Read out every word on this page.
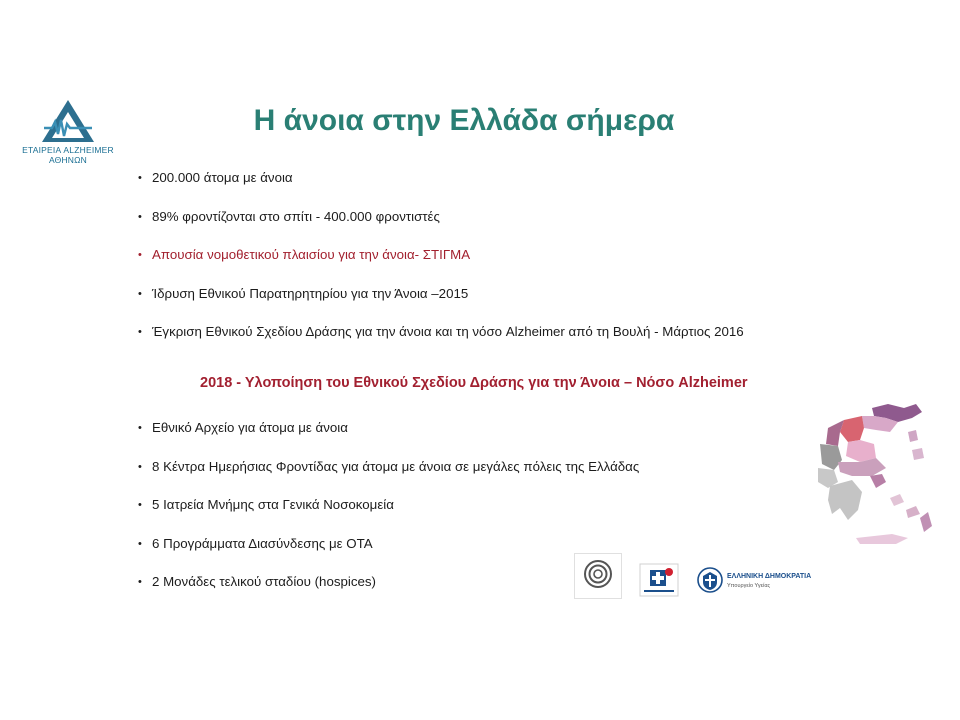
ΕΤΑΙΡΕΙΑ ALZHEIMER
ΑΘΗΝΩΝ
Η άνοια στην Ελλάδα σήμερα
• 200.000 άτομα με άνοια
• 89% φροντίζονται στο σπίτι - 400.000 φροντιστές
• Απουσία νομοθετικού πλαισίου για την άνοια- ΣΤΙΓΜΑ
• Ίδρυση Εθνικού Παρατηρητηρίου για την Άνοια –2015
• Έγκριση Εθνικού Σχεδίου Δράσης για την άνοια και τη νόσο Alzheimer από τη Βουλή - Μάρτιος 2016
2018 - Υλοποίηση του Εθνικού Σχεδίου Δράσης για την Άνοια – Νόσο Alzheimer
• Εθνικό Αρχείο για άτομα με άνοια
• 8 Κέντρα Ημερήσιας Φροντίδας για άτομα με άνοια σε μεγάλες πόλεις της Ελλάδας
• 5 Ιατρεία Μνήμης στα Γενικά Νοσοκομεία
• 6 Προγράμματα Διασύνδεσης με ΟΤΑ
• 2 Μονάδες τελικού σταδίου (hospices)	ΕΛΛΗΝΙΚΗ ΔΗΜΟΚΡΑΤΙΑ
Υπουργείο Υγείας
